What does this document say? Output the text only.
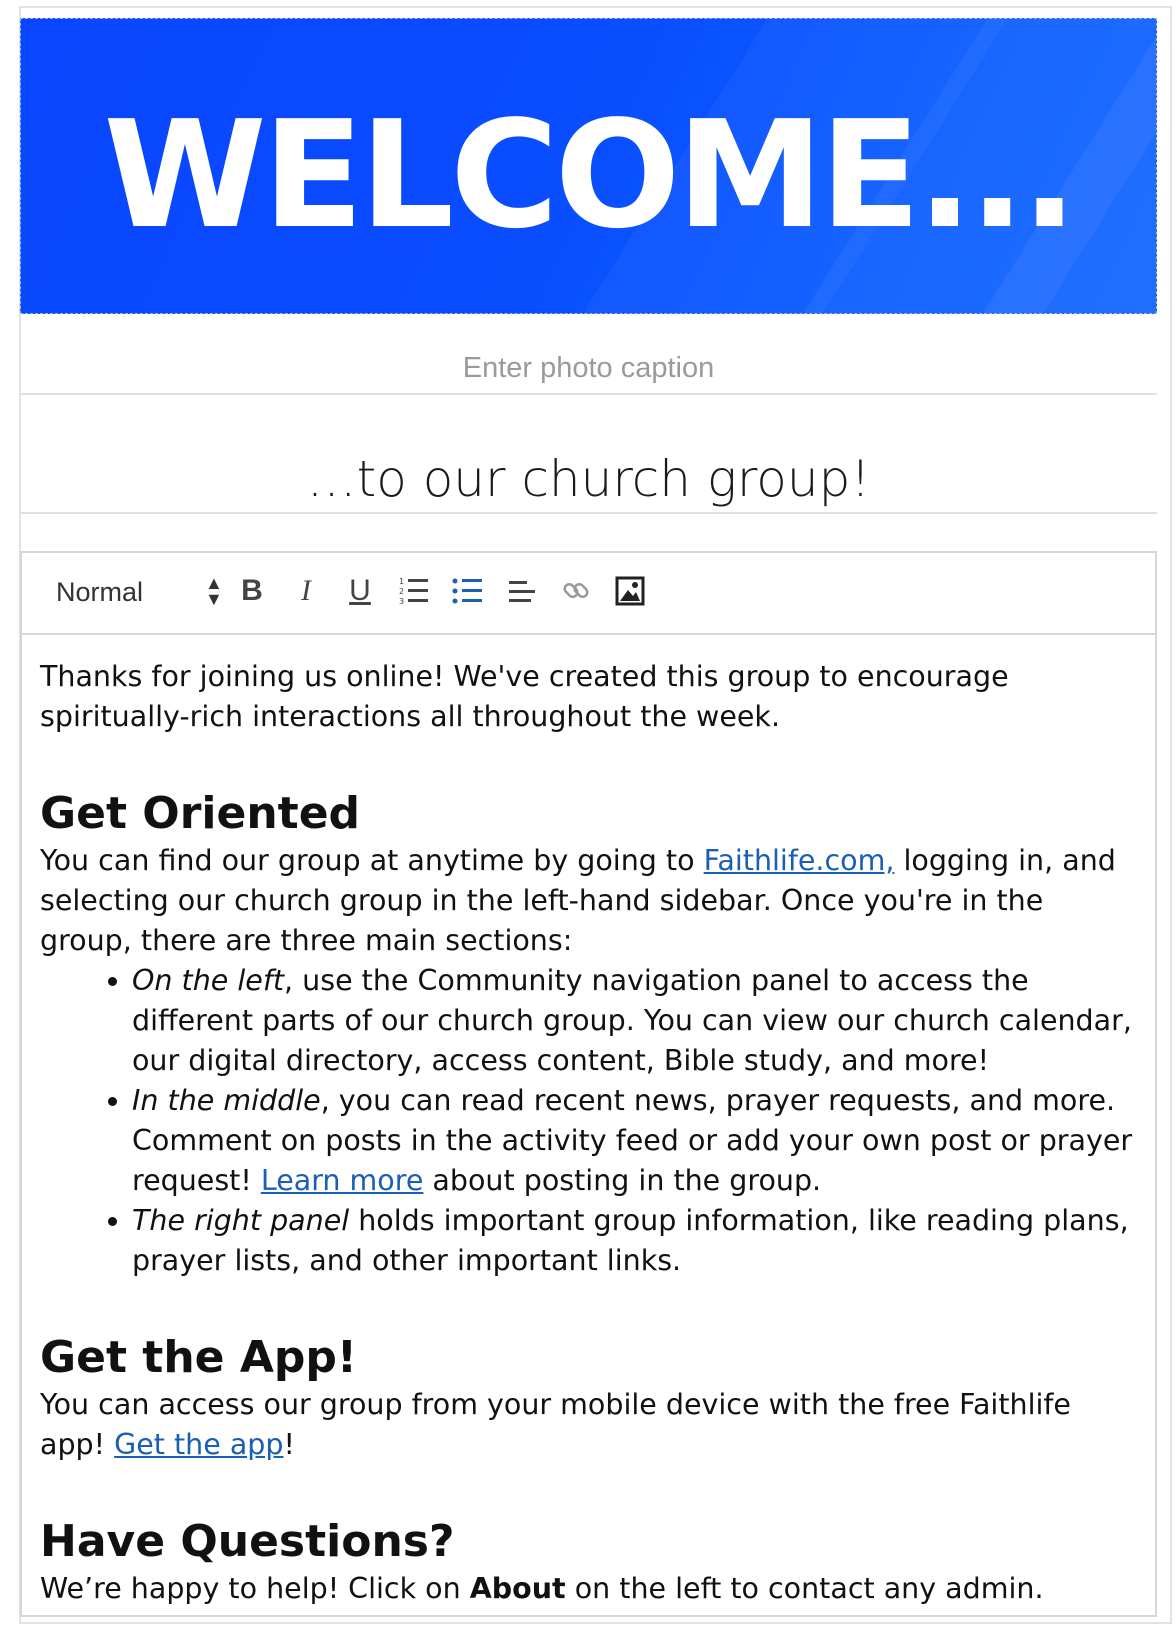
WELCOME...
Enter photo caption
…to our church group!
Normal	▲
▼ B I U	1
2
3

Thanks for joining us online! We've created this group to encourage spiritually-rich interactions all throughout the week.

Get Oriented

You can find our group at anytime by going to Faithlife.com, logging in, and selecting our church group in the left-hand sidebar. Once you're in the group, there are three main sections:

• On the left, use the Community navigation panel to access the different parts of our church group. You can view our church calendar, our digital directory, access content, Bible study, and more!
• In the middle, you can read recent news, prayer requests, and more. Comment on posts in the activity feed or add your own post or prayer request! Learn more about posting in the group.
• The right panel holds important group information, like reading plans, prayer lists, and other important links.
Get the App!

You can access our group from your mobile device with the free Faithlife app! Get the app!

Have Questions?

We’re happy to help! Click on About on the left to contact any admin.
